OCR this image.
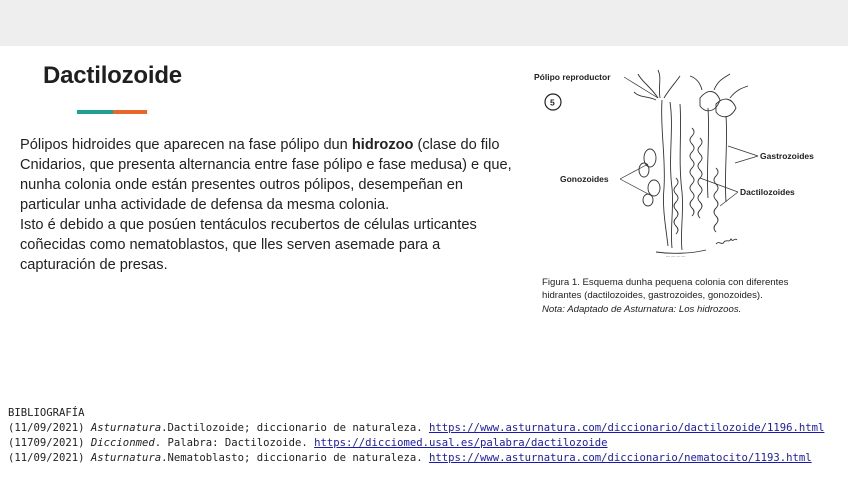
Dactilozoide
Pólipos hidroides que aparecen na fase pólipo dun hidrozoo (clase do filo Cnidarios, que presenta alternancia entre fase pólipo e fase medusa) e que, nunha colonia onde están presentes outros pólipos, desempeñan en particular unha actividade de defensa da mesma colonia.
Isto é debido a que posúen tentáculos recubertos de células urticantes coñecidas como nematoblastos, que lles serven asemade para a capturación de presas.
Pólipo reproductor
5
Gastrozoides
Gonozoides
Dactilozoides
— — — —
Figura 1. Esquema dunha pequena colonia con diferentes hidrantes (dactilozoides, gastrozoides, gonozoides).
Nota: Adaptado de Asturnatura: Los hidrozoos.
BIBLIOGRAFÍA
(11/09/2021) Asturnatura.Dactilozoide; diccionario de naturaleza. https://www.asturnatura.com/diccionario/dactilozoide/1196.html
(11709/2021) Diccionmed. Palabra: Dactilozoide. https://dicciomed.usal.es/palabra/dactilozoide
(11/09/2021) Asturnatura.Nematoblasto; diccionario de naturaleza. https://www.asturnatura.com/diccionario/nematocito/1193.html
